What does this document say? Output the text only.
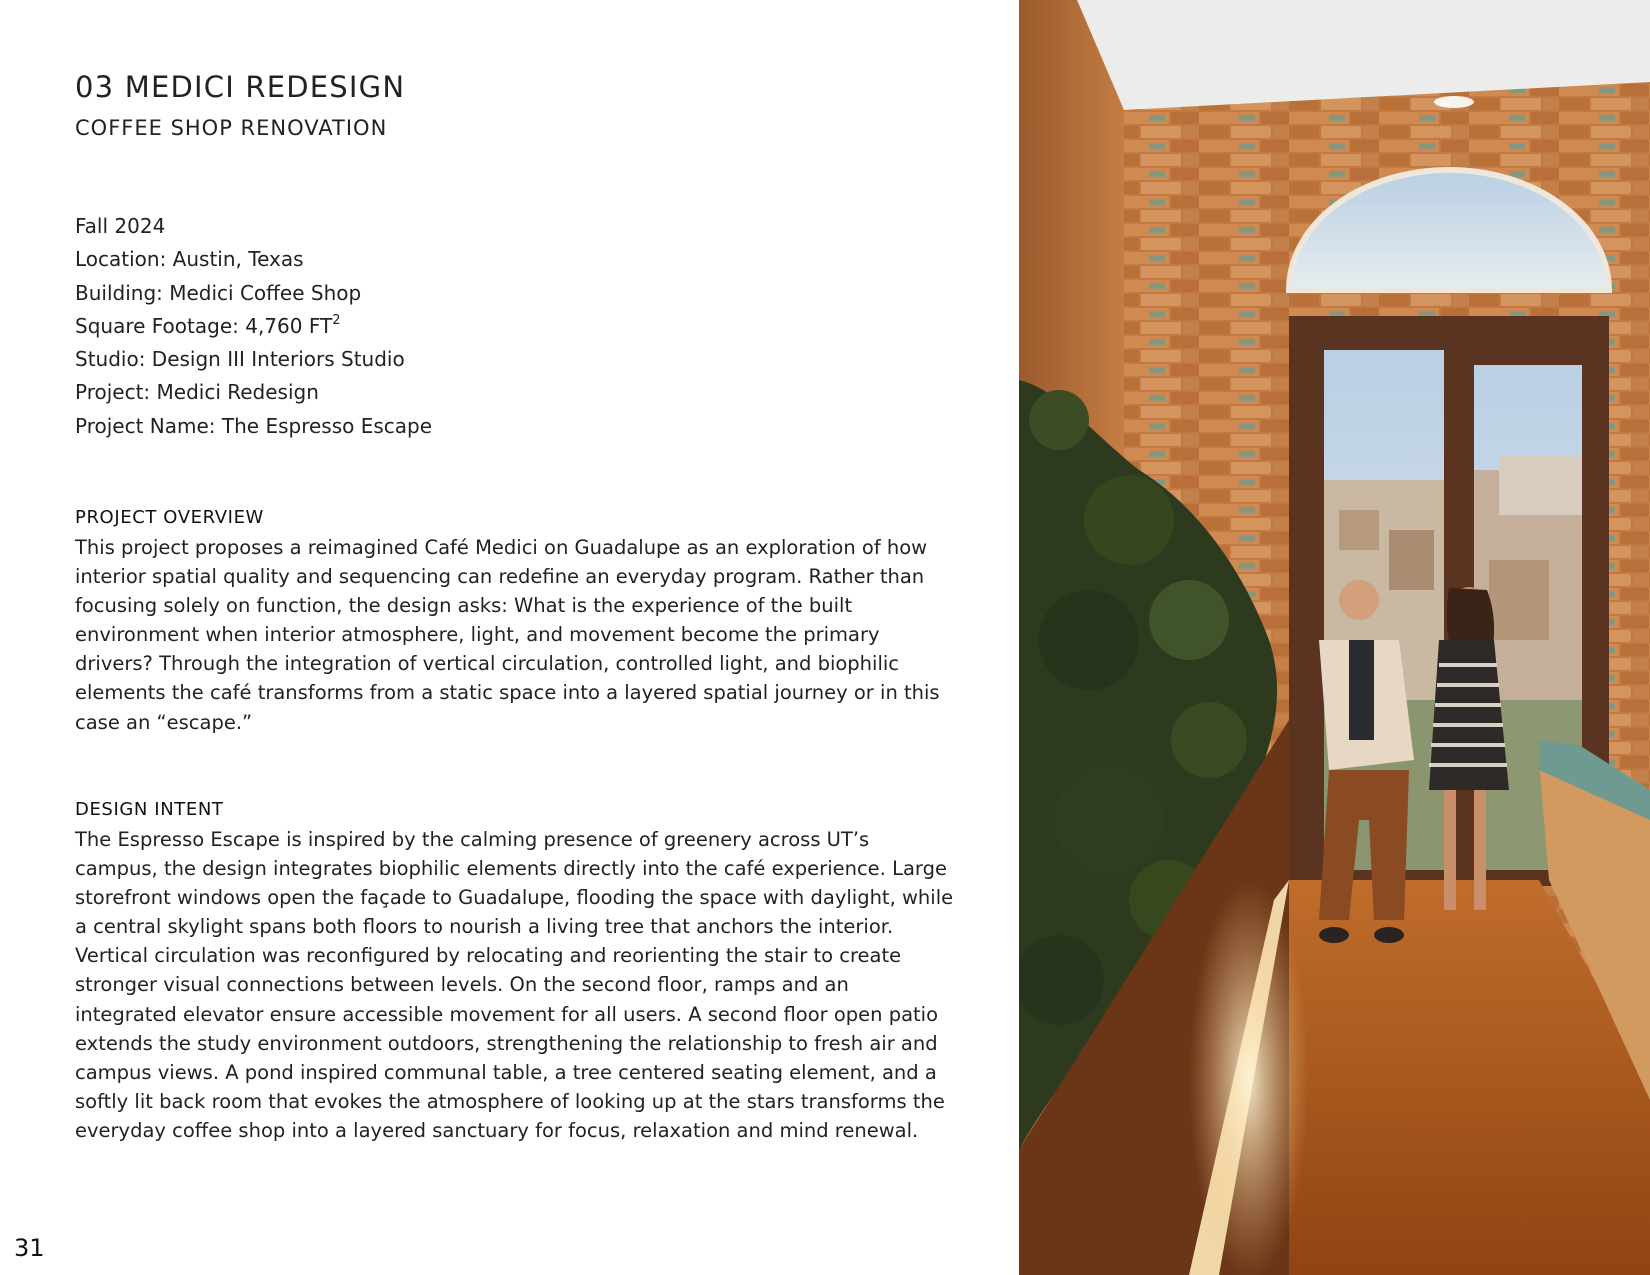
03 MEDICI REDESIGN
COFFEE SHOP RENOVATION
Fall 2024
Location: Austin, Texas
Building: Medici Coffee Shop
Square Footage: 4,760 $FT^2$
Studio: Design III Interiors Studio
Project: Medici Redesign
Project Name: The Espresso Escape
PROJECT OVERVIEW

This project proposes a reimagined Café Medici on Guadalupe as an exploration of how interior spatial quality and sequencing can redefine an everyday program. Rather than focusing solely on function, the design asks: What is the experience of the built environment when interior atmosphere, light, and movement become the primary drivers? Through the integration of vertical circulation, controlled light, and biophilic elements the café transforms from a static space into a layered spatial journey or in this case an “escape.”

DESIGN INTENT

The Espresso Escape is inspired by the calming presence of greenery across UT’s campus, the design integrates biophilic elements directly into the café experience. Large storefront windows open the façade to Guadalupe, flooding the space with daylight, while a central skylight spans both floors to nourish a living tree that anchors the interior. Vertical circulation was reconfigured by relocating and reorienting the stair to create stronger visual connections between levels. On the second floor, ramps and an integrated elevator ensure accessible movement for all users. A second floor open patio extends the study environment outdoors, strengthening the relationship to fresh air and campus views. A pond inspired communal table, a tree centered seating element, and a softly lit back room that evokes the atmosphere of looking up at the stars transforms the everyday coffee shop into a layered sanctuary for focus, relaxation and mind renewal.

31
